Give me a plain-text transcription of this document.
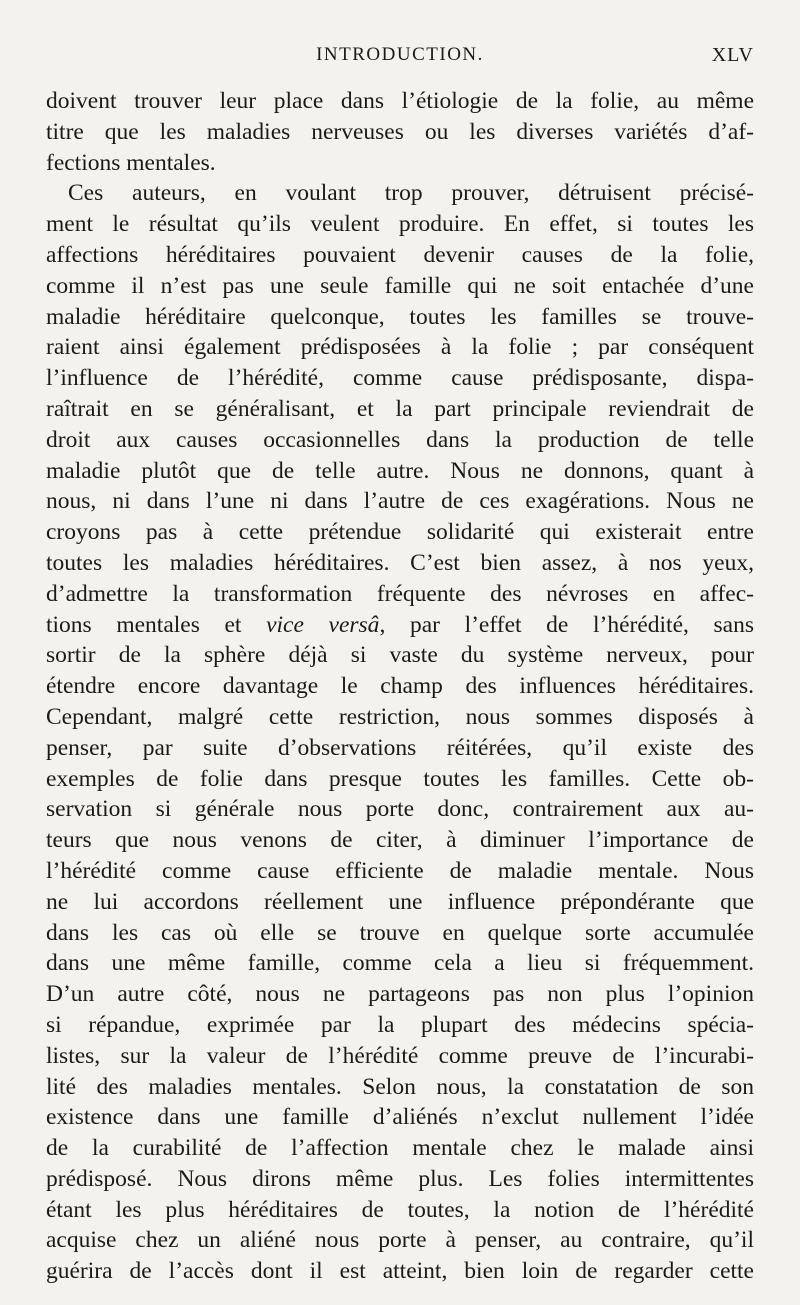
INTRODUCTION.	XLV
doivent trouver leur place dans l’étiologie de la folie, au même
titre que les maladies nerveuses ou les diverses variétés d’af-
fections mentales.
Ces auteurs, en voulant trop prouver, détruisent précisé-
ment le résultat qu’ils veulent produire. En effet, si toutes les
affections héréditaires pouvaient devenir causes de la folie,
comme il n’est pas une seule famille qui ne soit entachée d’une
maladie héréditaire quelconque, toutes les familles se trouve-
raient ainsi également prédisposées à la folie ; par conséquent
l’influence de l’hérédité, comme cause prédisposante, dispa-
raîtrait en se généralisant, et la part principale reviendrait de
droit aux causes occasionnelles dans la production de telle
maladie plutôt que de telle autre. Nous ne donnons, quant à
nous, ni dans l’une ni dans l’autre de ces exagérations. Nous ne
croyons pas à cette prétendue solidarité qui existerait entre
toutes les maladies héréditaires. C’est bien assez, à nos yeux,
d’admettre la transformation fréquente des névroses en affec-
tions mentales et vice versâ, par l’effet de l’hérédité, sans
sortir de la sphère déjà si vaste du système nerveux, pour
étendre encore davantage le champ des influences héréditaires.
Cependant, malgré cette restriction, nous sommes disposés à
penser, par suite d’observations réitérées, qu’il existe des
exemples de folie dans presque toutes les familles. Cette ob-
servation si générale nous porte donc, contrairement aux au-
teurs que nous venons de citer, à diminuer l’importance de
l’hérédité comme cause efficiente de maladie mentale. Nous
ne lui accordons réellement une influence prépondérante que
dans les cas où elle se trouve en quelque sorte accumulée
dans une même famille, comme cela a lieu si fréquemment.
D’un autre côté, nous ne partageons pas non plus l’opinion
si répandue, exprimée par la plupart des médecins spécia-
listes, sur la valeur de l’hérédité comme preuve de l’incurabi-
lité des maladies mentales. Selon nous, la constatation de son
existence dans une famille d’aliénés n’exclut nullement l’idée
de la curabilité de l’affection mentale chez le malade ainsi
prédisposé. Nous dirons même plus. Les folies intermittentes
étant les plus héréditaires de toutes, la notion de l’hérédité
acquise chez un aliéné nous porte à penser, au contraire, qu’il
guérira de l’accès dont il est atteint, bien loin de regarder cette
